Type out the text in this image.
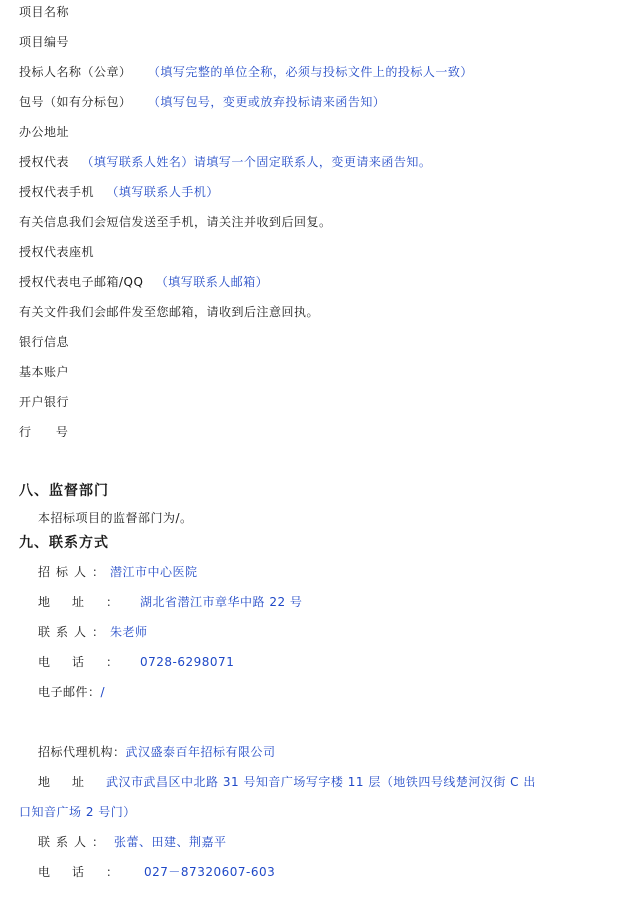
项目名称
项目编号
投标人名称（公章） （填写完整的单位全称，必须与投标文件上的投标人一致）
包号（如有分标包） （填写包号，变更或放弃投标请来函告知）
办公地址
授权代表 （填写联系人姓名）请填写一个固定联系人，变更请来函告知。
授权代表手机 （填写联系人手机）
有关信息我们会短信发送至手机，请关注并收到后回复。
授权代表座机
授权代表电子邮箱/QQ （填写联系人邮箱）
有关文件我们会邮件发至您邮箱，请收到后注意回执。
银行信息
基本账户
开户银行
行 号
八、监督部门
本招标项目的监督部门为/。
九、联系方式
招标人：潜江市中心医院
地址：湖北省潜江市章华中路 22 号
联系人：朱老师
电话：0728-6298071
电子邮件：/
招标代理机构：武汉盛泰百年招标有限公司
地址武汉市武昌区中北路 31 号知音广场写字楼 11 层（地铁四号线楚河汉街 C 出
口知音广场 2 号门）
联系人： 张蕾、田建、荆嘉平
电话： 027－87320607-603
